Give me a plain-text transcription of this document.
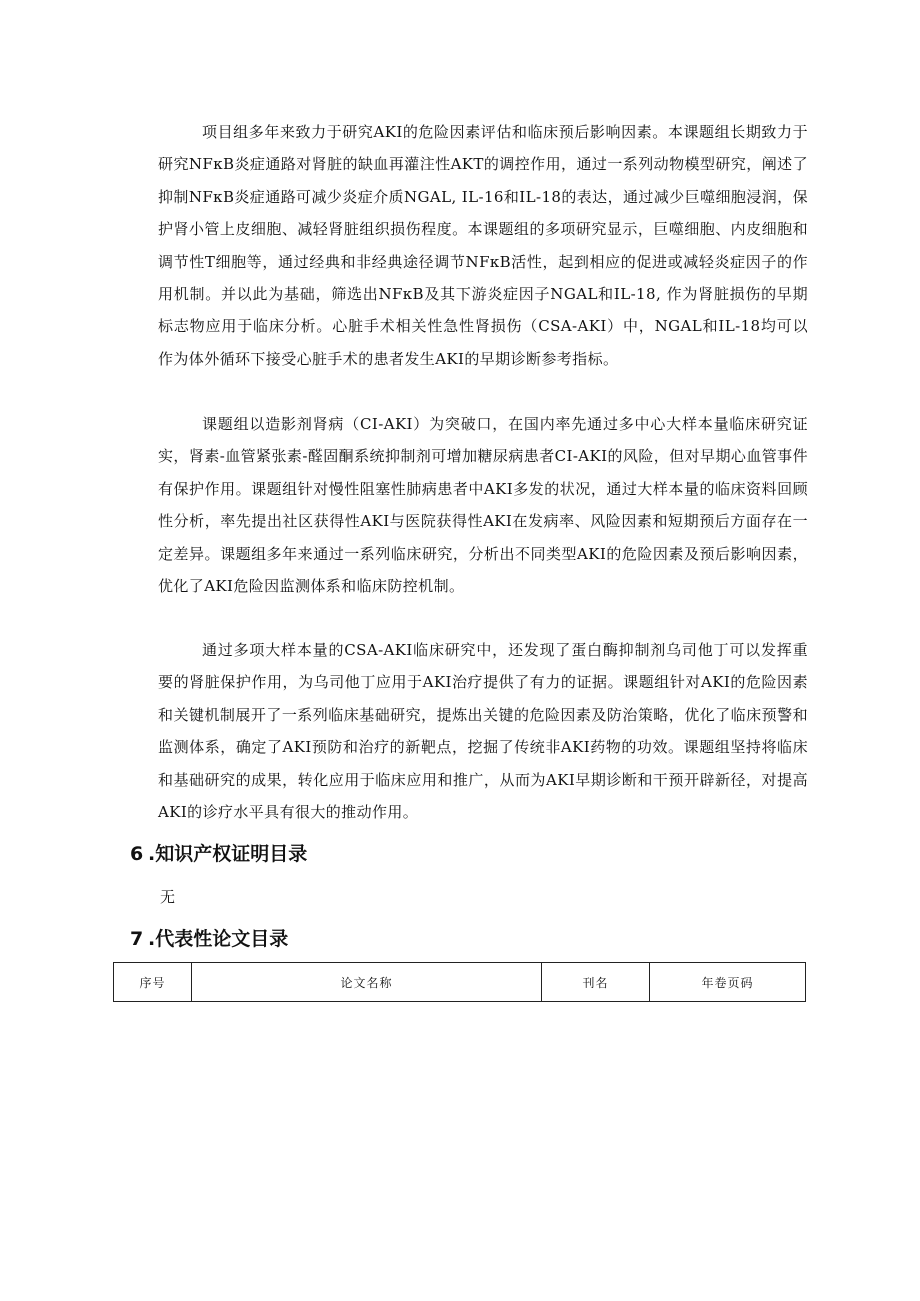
项目组多年来致力于研究AKI的危险因素评估和临床预后影响因素。本课题组长期致力于研究NFκB炎症通路对肾脏的缺血再灌注性AKT的调控作用，通过一系列动物模型研究，阐述了抑制NFκB炎症通路可减少炎症介质NGAL, IL-16和IL-18的表达，通过减少巨噬细胞浸润，保护肾小管上皮细胞、减轻肾脏组织损伤程度。本课题组的多项研究显示，巨噬细胞、内皮细胞和调节性T细胞等，通过经典和非经典途径调节NFκB活性，起到相应的促进或减轻炎症因子的作用机制。并以此为基础，筛选出NFκB及其下游炎症因子NGAL和IL-18, 作为肾脏损伤的早期标志物应用于临床分析。心脏手术相关性急性肾损伤（CSA-AKI）中，NGAL和IL-18均可以作为体外循环下接受心脏手术的患者发生AKI的早期诊断参考指标。

课题组以造影剂肾病（CI-AKI）为突破口，在国内率先通过多中心大样本量临床研究证实，肾素-血管紧张素-醛固酮系统抑制剂可增加糖尿病患者CI-AKI的风险，但对早期心血管事件有保护作用。课题组针对慢性阻塞性肺病患者中AKI多发的状况，通过大样本量的临床资料回顾性分析，率先提出社区获得性AKI与医院获得性AKI在发病率、风险因素和短期预后方面存在一定差异。课题组多年来通过一系列临床研究，分析出不同类型AKI的危险因素及预后影响因素，优化了AKI危险因监测体系和临床防控机制。

通过多项大样本量的CSA-AKI临床研究中，还发现了蛋白酶抑制剂乌司他丁可以发挥重要的肾脏保护作用，为乌司他丁应用于AKI治疗提供了有力的证据。课题组针对AKI的危险因素和关键机制展开了一系列临床基础研究，提炼出关键的危险因素及防治策略，优化了临床预警和监测体系，确定了AKI预防和治疗的新靶点，挖掘了传统非AKI药物的功效。课题组坚持将临床和基础研究的成果，转化应用于临床应用和推广，从而为AKI早期诊断和干预开辟新径，对提高AKI的诊疗水平具有很大的推动作用。

6 .知识产权证明目录

无

7 .代表性论文目录
序号	论文名称	刊名	年卷页码
